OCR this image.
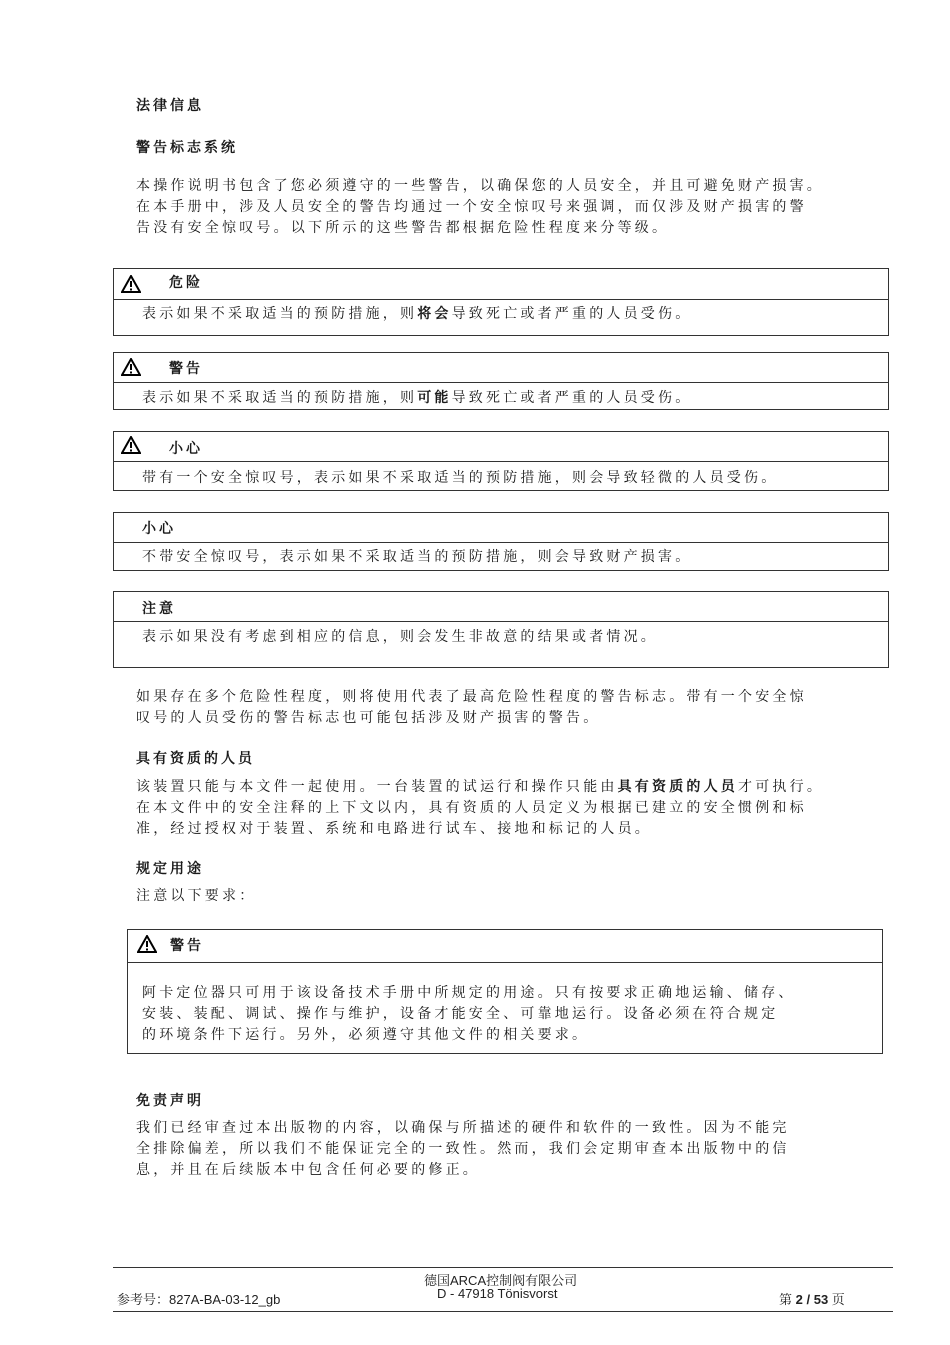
法律信息
警告标志系统
本操作说明书包含了您必须遵守的一些警告，以确保您的人员安全，并且可避免财产损害。
在本手册中，涉及人员安全的警告均通过一个安全惊叹号来强调，而仅涉及财产损害的警
告没有安全惊叹号。以下所示的这些警告都根据危险性程度来分等级。
危险
表示如果不采取适当的预防措施，则将会导致死亡或者严重的人员受伤。
警告
表示如果不采取适当的预防措施，则可能导致死亡或者严重的人员受伤。
小心
带有一个安全惊叹号，表示如果不采取适当的预防措施，则会导致轻微的人员受伤。
小心
不带安全惊叹号，表示如果不采取适当的预防措施，则会导致财产损害。
注意
表示如果没有考虑到相应的信息，则会发生非故意的结果或者情况。
如果存在多个危险性程度，则将使用代表了最高危险性程度的警告标志。带有一个安全惊
叹号的人员受伤的警告标志也可能包括涉及财产损害的警告。
具有资质的人员
该装置只能与本文件一起使用。一台装置的试运行和操作只能由具有资质的人员才可执行。
在本文件中的安全注释的上下文以内，具有资质的人员定义为根据已建立的安全惯例和标
准，经过授权对于装置、系统和电路进行试车、接地和标记的人员。
规定用途
注意以下要求：
警告
阿卡定位器只可用于该设备技术手册中所规定的用途。只有按要求正确地运输、储存、
安装、装配、调试、操作与维护，设备才能安全、可靠地运行。设备必须在符合规定
的环境条件下运行。另外，必须遵守其他文件的相关要求。
免责声明
我们已经审查过本出版物的内容，以确保与所描述的硬件和软件的一致性。因为不能完
全排除偏差，所以我们不能保证完全的一致性。然而，我们会定期审查本出版物中的信
息，并且在后续版本中包含任何必要的修正。
参考号：827A-BA-03-12_gb
德国ARCA控制阀有限公司
D - 47918 Tönisvorst	第 2 / 53 页
